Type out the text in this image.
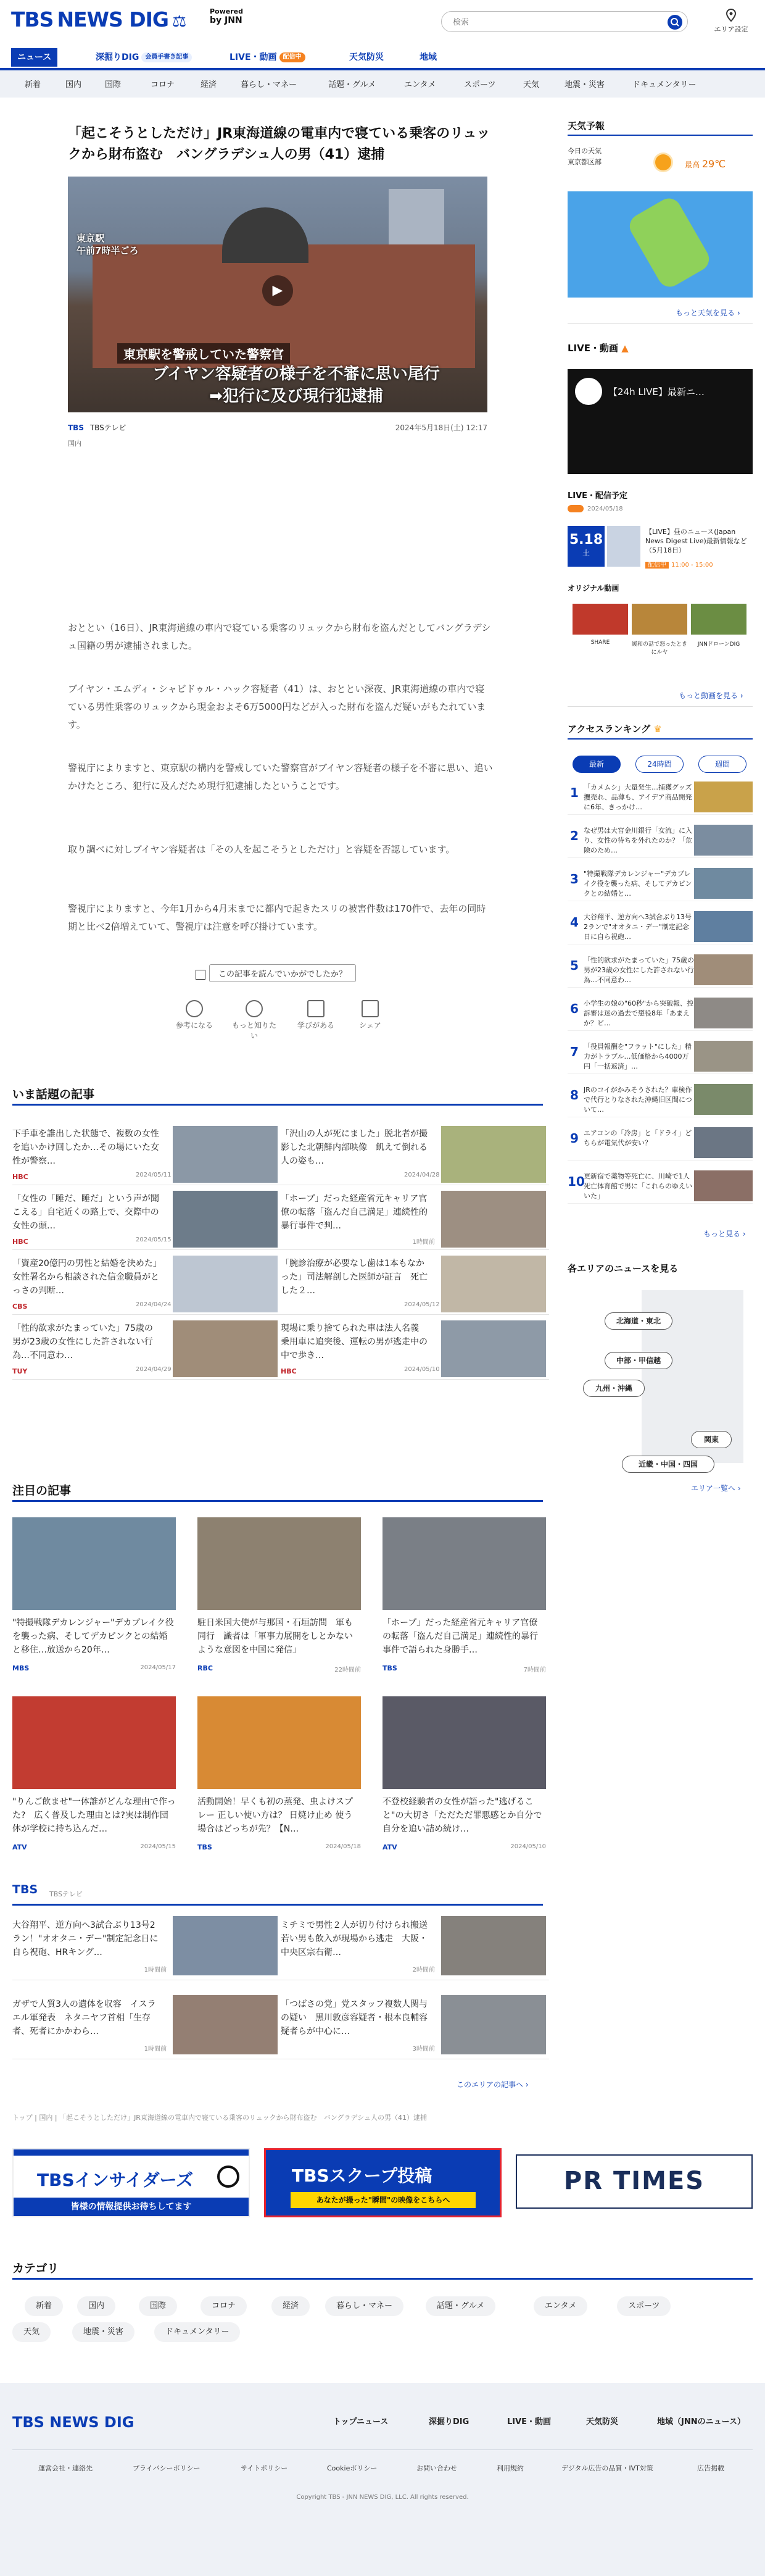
TBS NEWS DIG ⚖
Powered
by JNN
検索
エリア設定
ニュース	深掘りDIG 会員手書き記事	LIVE・動画 配信中	天気防災	地域
新着	国内	国際	コロナ	経済	暮らし・マネー	話題・グルメ	エンタメ	スポーツ	天気	地震・災害	ドキュメンタリー
「起こそうとしただけ」JR東海道線の電車内で寝ている乗客のリュックから財布盗む　バングラデシュ人の男（41）逮捕
東京駅
午前7時半ごろ
▶
東京駅を警戒していた警察官
ブイヤン容疑者の様子を不審に思い尾行
➡犯行に及び現行犯逮捕
TBS TBSテレビ	2024年5月18日(土) 12:17
国内

おととい（16日）、JR東海道線の車内で寝ている乗客のリュックから財布を盗んだとしてバングラデシュ国籍の男が逮捕されました。

ブイヤン・エムディ・シャビドゥル・ハック容疑者（41）は、おととい深夜、JR東海道線の車内で寝ている男性乗客のリュックから現金およそ6万5000円などが入った財布を盗んだ疑いがもたれています。

警視庁によりますと、東京駅の構内を警戒していた警察官がブイヤン容疑者の様子を不審に思い、追いかけたところ、犯行に及んだため現行犯逮捕したということです。

取り調べに対しブイヤン容疑者は「その人を起こそうとしただけ」と容疑を否認しています。

警視庁によりますと、今年1月から4月末までに都内で起きたスリの被害件数は170件で、去年の同時期と比べ2倍増えていて、警視庁は注意を呼び掛けています。

この記事を読んでいかがでしたか？
参考になる	もっと知りたい
学びがある	シェア
いま話題の記事
注目の記事
TBS TBSテレビ
このエリアの記事へ ›
トップ | 国内 | 「起こそうとしただけ」JR東海道線の電車内で寝ている乗客のリュックから財布盗む　バングラデシュ人の男（41）逮捕
TBSインサイダーズ
皆様の情報提供お待ちしてます
TBSスクープ投稿
あなたが撮った"瞬間"の映像をこちらへ
PR TIMES
カテゴリ
天気予報
今日の天気
東京都区部	最高 29℃
もっと天気を見る ›
LIVE・動画 ▲
【24h LIVE】最新ニ…
LIVE・配信予定
2024/05/18
5.18
土
【LIVE】昼のニュース(Japan News Digest Live)最新情報など（5月18日）
配信中 11:00 - 15:00
オリジナル動画
SHARE	緩和の話で怒ったときにルヤ
JNNドローンDIG
もっと動画を見る ›
アクセスランキング ♛
最新	24時間	週間
もっと見る ›
各エリアのニュースを見る
北海道・東北
中部・甲信越
九州・沖縄
関東
近畿・中国・四国
エリア一覧へ ›
TBS NEWS DIG	トップニュース	深掘りDIG	LIVE・動画	天気防災	地域（JNNのニュース）
運営会社・連絡先	プライバシーポリシー	サイトポリシー	Cookieポリシー	お問い合わせ	利用規約	デジタル広告の品質・IVT対策	広告掲載
Copyright TBS - JNN NEWS DIG, LLC. All rights reserved.
下手車を誰出した状態で、複数の女性を追いかけ回したか…その場にいた女性が警察…
HBC	2024/05/11
「沢山の人が死にました」脱北者が撮影した北朝鮮内部映像　飢えて倒れる人の姿も…
2024/04/28
「女性の「睡だ、睡だ」という声が聞こえる」自宅近くの路上で、交際中の女性の頭…
HBC	2024/05/15
「ホープ」だった経産省元キャリア官僚の転落「盗んだ自己満足」連続性的暴行事件で判…
1時間前
「資産20億円の男性と結婚を決めた」女性署名から相談された信金職員がとっさの判断…
CBS	2024/04/24
「腕診治療が必要なし歯は1本もなかった」司法解剖した医師が証言　死亡した２…
2024/05/12
「性的欲求がたまっていた」75歳の男が23歳の女性にした許されない行為…不同意わ…
TUY	2024/04/29
現場に乗り捨てられた車は法人名義　乗用車に追突後、運転の男が逃走中の中で歩き…
HBC	2024/05/10
"特撮戦隊デカレンジャー"デカブレイク役を襲った病、そしてデカピンクとの結婚と移住…放送から20年…
MBS	2024/05/17
駐日米国大使が与那国・石垣訪問　軍も同行　識者は「軍事力展開をしとかないような意図を中国に発信」
RBC	22時間前
「ホープ」だった経産省元キャリア官僚の転落「盗んだ自己満足」連続性的暴行事件で語られた身勝手…
TBS	7時間前
"りんご飲ませ"一体誰がどんな理由で作った?　広く普及した理由とは?実は制作団体が学校に持ち込んだ…
ATV	2024/05/15
活動開始！早くも初の蒸発、虫よけスプレー 正しい使い方は？ 日焼け止め 使う場合はどっちが先？【N…
TBS	2024/05/18
不登校経験者の女性が語った"逃げること"の大切さ「ただただ罪悪感とか自分で自分を追い詰め続け…
ATV	2024/05/10
大谷翔平、逆方向へ3試合ぶり13号2ラン！"オオタニ・デー"制定記念日に自ら祝砲、HRキング…
1時間前
ミチミで男性２人が切り付けられ搬送　若い男も飲入が現場から逃走　大阪・中央区宗右衛…
2時間前
ガザで人質3人の遺体を収容　イスラエル軍発表　ネタニヤフ首相「生存者、死者にかかわら…
1時間前
「つばさの党」党スタッフ複数人関与の疑い　黒川敦彦容疑者・根本良輔容疑者らが中心に…
3時間前
新着	国内	国際	コロナ	経済	暮らし・マネー	話題・グルメ	エンタメ	スポーツ
天気	地震・災害	ドキュメンタリー
1 「カメムシ」大量発生…捕獲グッズ攫売れ、品薄も、アイデア商品開発に6年、きっかけ…
2 なぜ男は大宮金川銀行「女流」に入り、女性の待ちを外れたのか？「危険のため…
3 "特撮戦隊デカレンジャー"デカブレイク役を襲った病、そしてデカピンクとの結婚と…
4 大谷翔平、逆方向へ3試合ぶり13号2ランで"オオタニ・デー"制定記念日に自ら祝砲…
5 「性的欲求がたまっていた」75歳の男が23歳の女性にした許されない行為…不同意わ…
6 小学生の娘の"60秒"から突破報、控訴審は迷の過去で懲役8年「あまえか？ビ…
7 「役員報酬を"フラット"にした」精力がトラブル…低価格から4000万円「一括返済」…
8 JRのコイがかみそうされた？車検作で代行とりなされた沖縄旧区間について…
9 エアコンの「冷房」と「ドライ」どちらが電気代が安い？
10
更新宿で薬物等死亡に、川崎で1人死亡体育館で男に「これらのゆえいいた」
